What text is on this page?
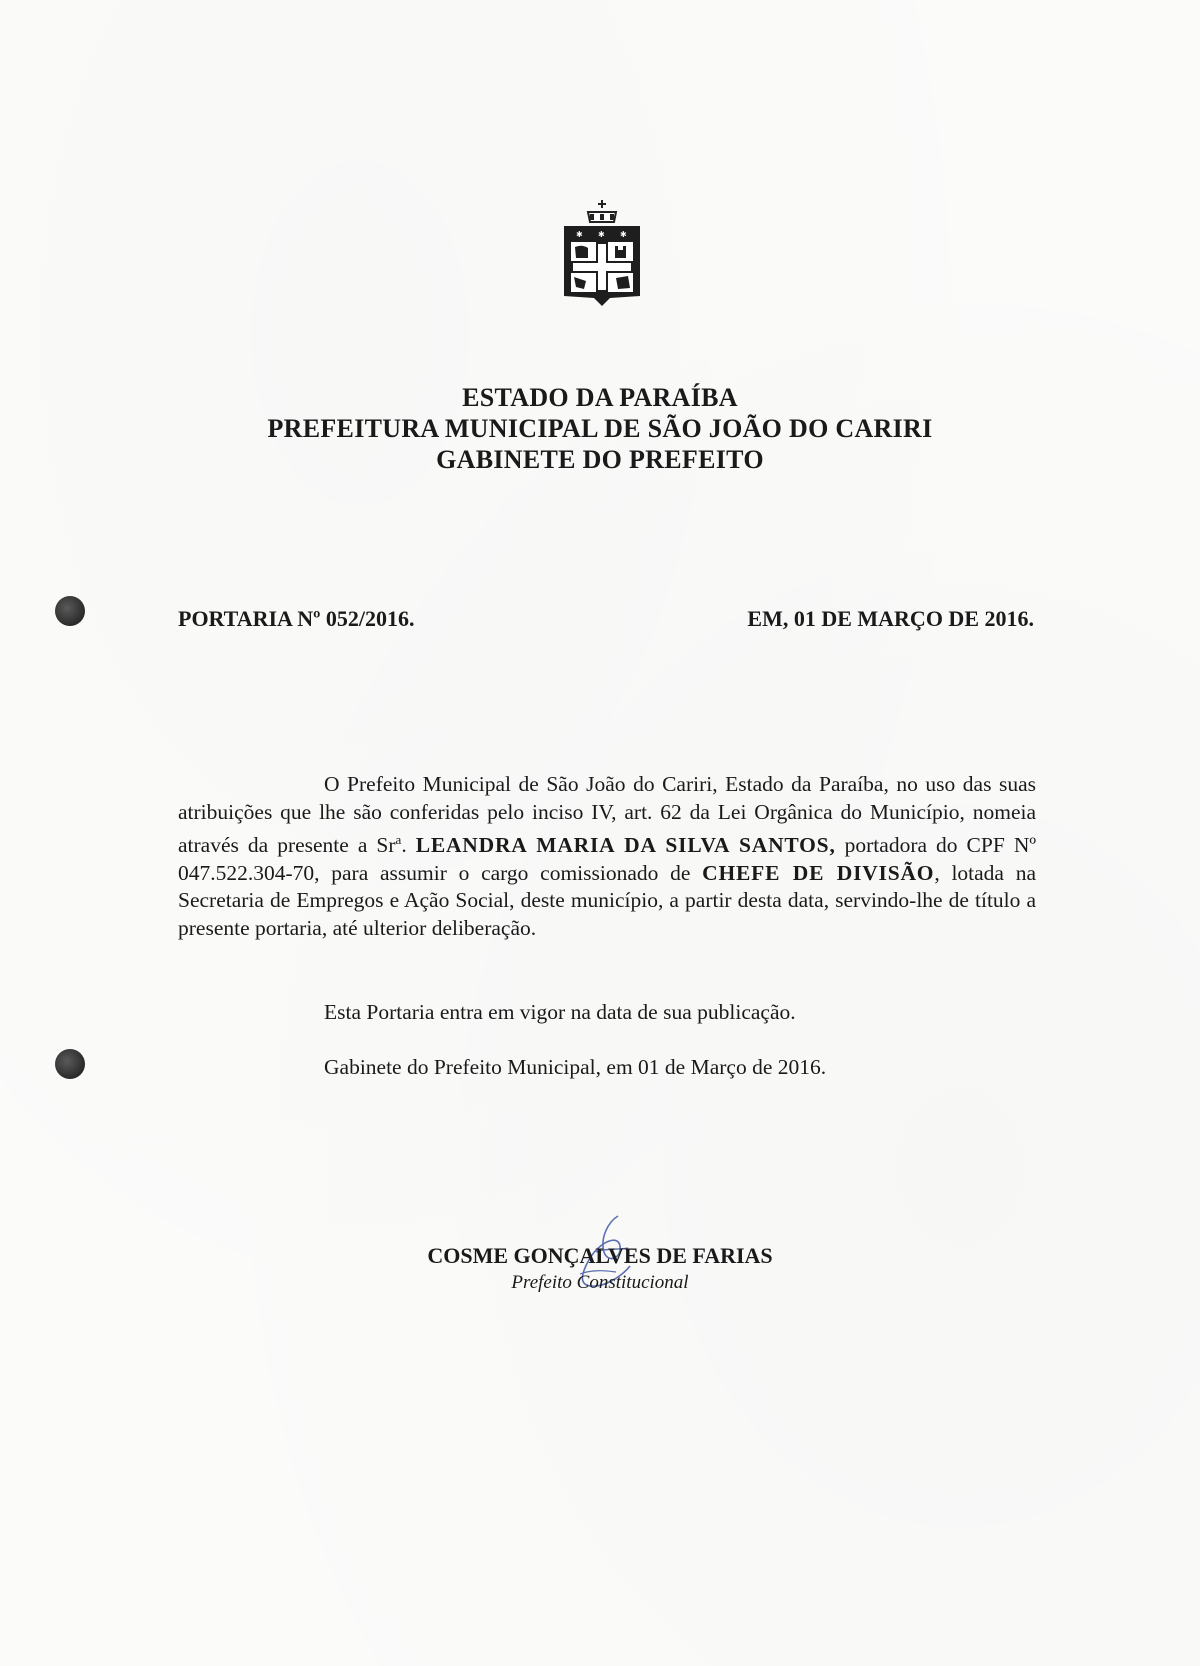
✱ ✱ ✱
ESTADO DA PARAÍBA
PREFEITURA MUNICIPAL DE SÃO JOÃO DO CARIRI
GABINETE DO PREFEITO
PORTARIA Nº 052/2016.	EM, 01 DE MARÇO DE 2016.
O Prefeito Municipal de São João do Cariri, Estado da Paraíba, no uso das suas atribuições que lhe são conferidas pelo inciso IV, art. 62 da Lei Orgânica do Município, nomeia através da presente a Sr$^a$. LEANDRA MARIA DA SILVA SANTOS, portadora do CPF Nº 047.522.304-70, para assumir o cargo comissionado de CHEFE DE DIVISÃO, lotada na Secretaria de Empregos e Ação Social, deste município, a partir desta data, servindo-lhe de título a presente portaria, até ulterior deliberação.
Esta Portaria entra em vigor na data de sua publicação.
Gabinete do Prefeito Municipal, em 01 de Março de 2016.
COSME GONÇALVES DE FARIAS
Prefeito Constitucional
